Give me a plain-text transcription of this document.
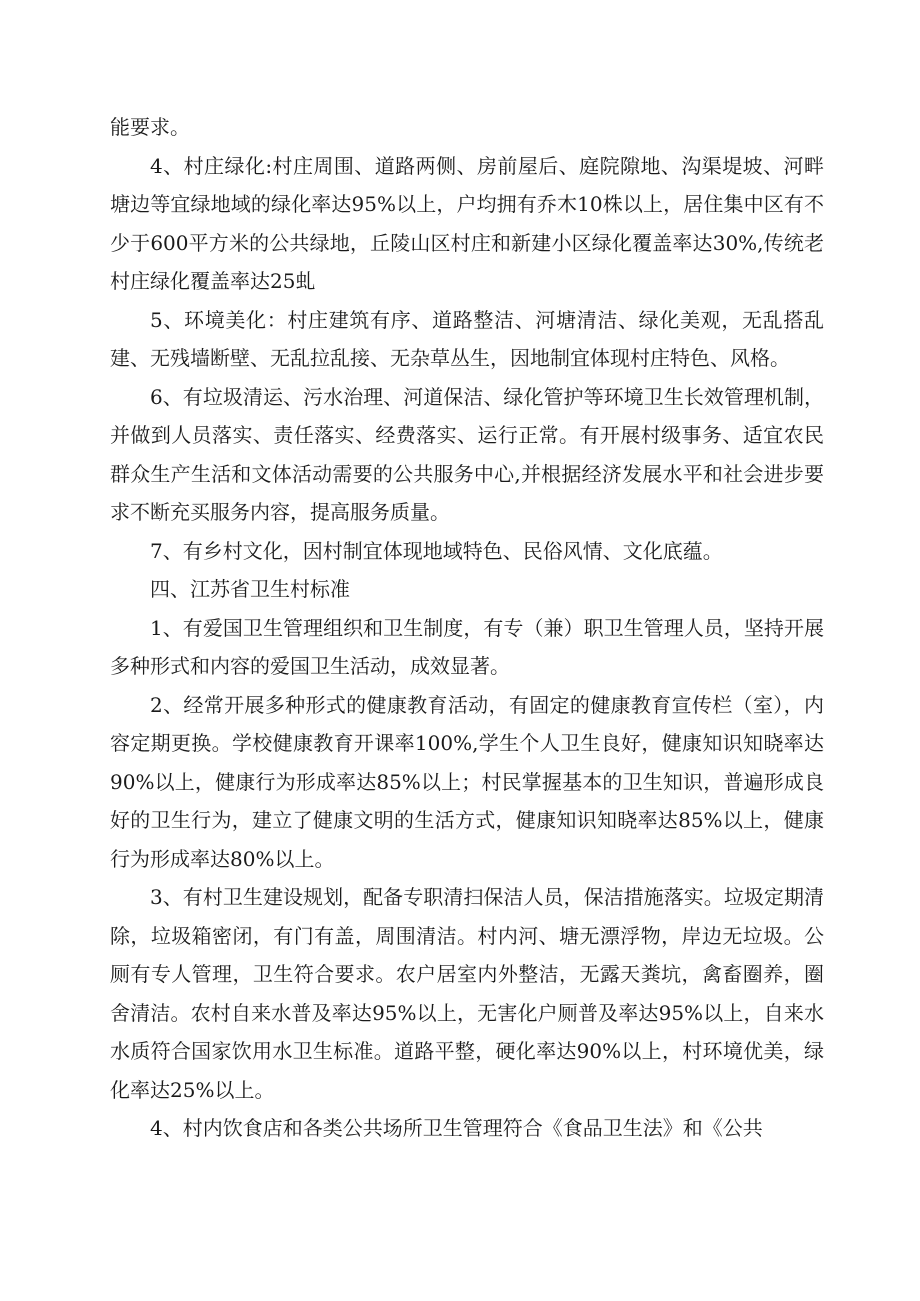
能要求。

4、村庄绿化:村庄周围、道路两侧、房前屋后、庭院隙地、沟渠堤坡、河畔塘边等宜绿地域的绿化率达95%以上，户均拥有乔木10株以上，居住集中区有不少于600平方米的公共绿地，丘陵山区村庄和新建小区绿化覆盖率达30%,传统老村庄绿化覆盖率达25虬

5、环境美化：村庄建筑有序、道路整洁、河塘清洁、绿化美观，无乱搭乱建、无残墙断壁、无乱拉乱接、无杂草丛生，因地制宜体现村庄特色、风格。

6、有垃圾清运、污水治理、河道保洁、绿化管护等环境卫生长效管理机制，并做到人员落实、责任落实、经费落实、运行正常。有开展村级事务、适宜农民群众生产生活和文体活动需要的公共服务中心,并根据经济发展水平和社会进步要求不断充买服务内容，提高服务质量。

7、有乡村文化，因村制宜体现地域特色、民俗风情、文化底蕴。

四、江苏省卫生村标准

1、有爱国卫生管理组织和卫生制度，有专（兼）职卫生管理人员，坚持开展多种形式和内容的爱国卫生活动，成效显著。

2、经常开展多种形式的健康教育活动，有固定的健康教育宣传栏（室），内容定期更换。学校健康教育开课率100%,学生个人卫生良好，健康知识知晓率达90%以上，健康行为形成率达85%以上；村民掌握基本的卫生知识，普遍形成良好的卫生行为，建立了健康文明的生活方式，健康知识知晓率达85%以上，健康行为形成率达80%以上。

3、有村卫生建设规划，配备专职清扫保洁人员，保洁措施落实。垃圾定期清除，垃圾箱密闭，有门有盖，周围清洁。村内河、塘无漂浮物，岸边无垃圾。公厕有专人管理，卫生符合要求。农户居室内外整洁，无露天粪坑，禽畜圈养，圈舍清洁。农村自来水普及率达95%以上，无害化户厕普及率达95%以上，自来水水质符合国家饮用水卫生标准。道路平整，硬化率达90%以上，村环境优美，绿化率达25%以上。

4、村内饮食店和各类公共场所卫生管理符合《食品卫生法》和《公共
